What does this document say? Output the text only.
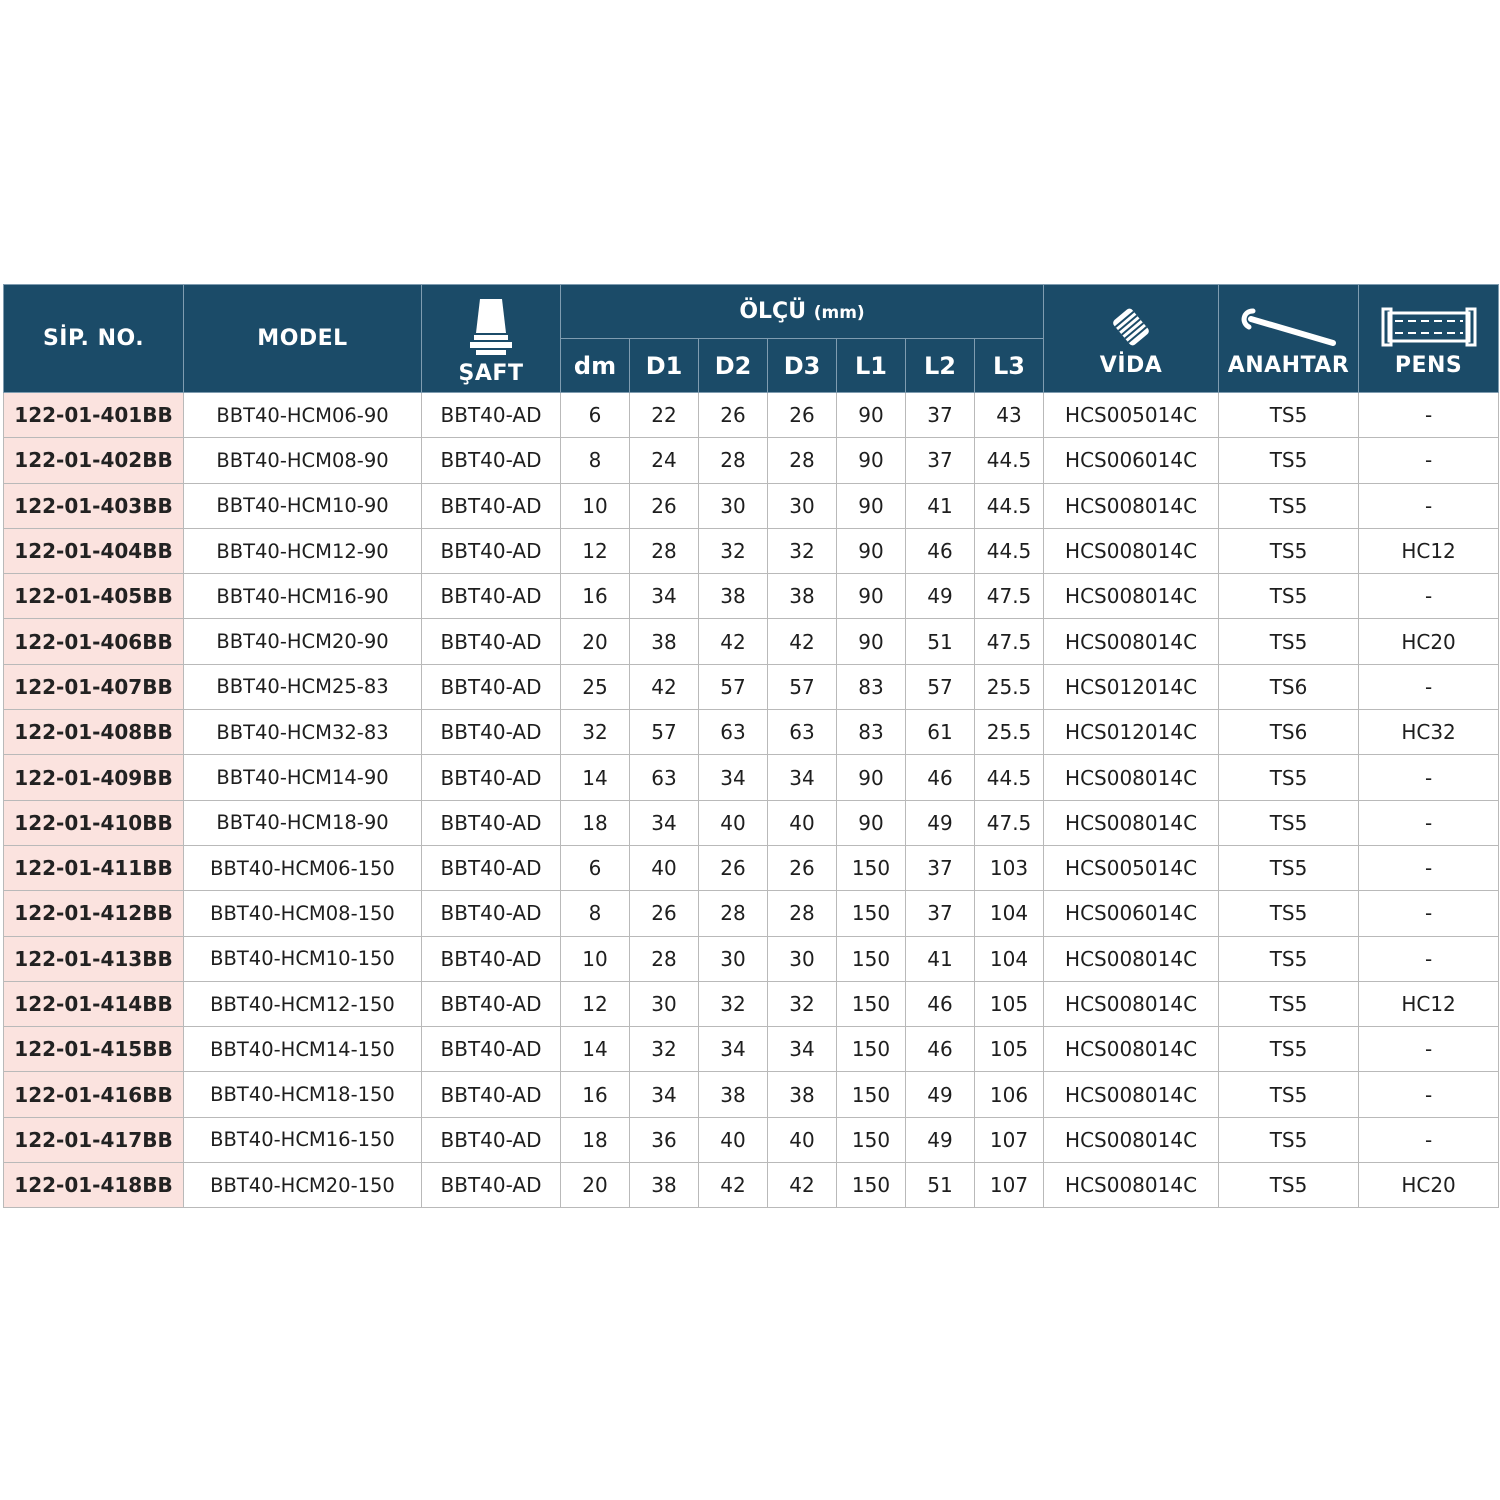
SİP. NO.	MODEL	ŞAFT	ÖLÇÜ (mm)							VİDA	ANAHTAR	PENS

			dm	D1	D2	D3	L1	L2	L3			
122-01-401BB	BBT40-HCM06-90	BBT40-AD	6	22	26	26	90	37	43	HCS005014C	TS5	-
122-01-402BB	BBT40-HCM08-90	BBT40-AD	8	24	28	28	90	37	44.5	HCS006014C	TS5	-
122-01-403BB	BBT40-HCM10-90	BBT40-AD	10	26	30	30	90	41	44.5	HCS008014C	TS5	-
122-01-404BB	BBT40-HCM12-90	BBT40-AD	12	28	32	32	90	46	44.5	HCS008014C	TS5	HC12
122-01-405BB	BBT40-HCM16-90	BBT40-AD	16	34	38	38	90	49	47.5	HCS008014C	TS5	-
122-01-406BB	BBT40-HCM20-90	BBT40-AD	20	38	42	42	90	51	47.5	HCS008014C	TS5	HC20
122-01-407BB	BBT40-HCM25-83	BBT40-AD	25	42	57	57	83	57	25.5	HCS012014C	TS6	-
122-01-408BB	BBT40-HCM32-83	BBT40-AD	32	57	63	63	83	61	25.5	HCS012014C	TS6	HC32
122-01-409BB	BBT40-HCM14-90	BBT40-AD	14	63	34	34	90	46	44.5	HCS008014C	TS5	-
122-01-410BB	BBT40-HCM18-90	BBT40-AD	18	34	40	40	90	49	47.5	HCS008014C	TS5	-
122-01-411BB	BBT40-HCM06-150	BBT40-AD	6	40	26	26	150	37	103	HCS005014C	TS5	-
122-01-412BB	BBT40-HCM08-150	BBT40-AD	8	26	28	28	150	37	104	HCS006014C	TS5	-
122-01-413BB	BBT40-HCM10-150	BBT40-AD	10	28	30	30	150	41	104	HCS008014C	TS5	-
122-01-414BB	BBT40-HCM12-150	BBT40-AD	12	30	32	32	150	46	105	HCS008014C	TS5	HC12
122-01-415BB	BBT40-HCM14-150	BBT40-AD	14	32	34	34	150	46	105	HCS008014C	TS5	-
122-01-416BB	BBT40-HCM18-150	BBT40-AD	16	34	38	38	150	49	106	HCS008014C	TS5	-
122-01-417BB	BBT40-HCM16-150	BBT40-AD	18	36	40	40	150	49	107	HCS008014C	TS5	-
122-01-418BB	BBT40-HCM20-150	BBT40-AD	20	38	42	42	150	51	107	HCS008014C	TS5	HC20
